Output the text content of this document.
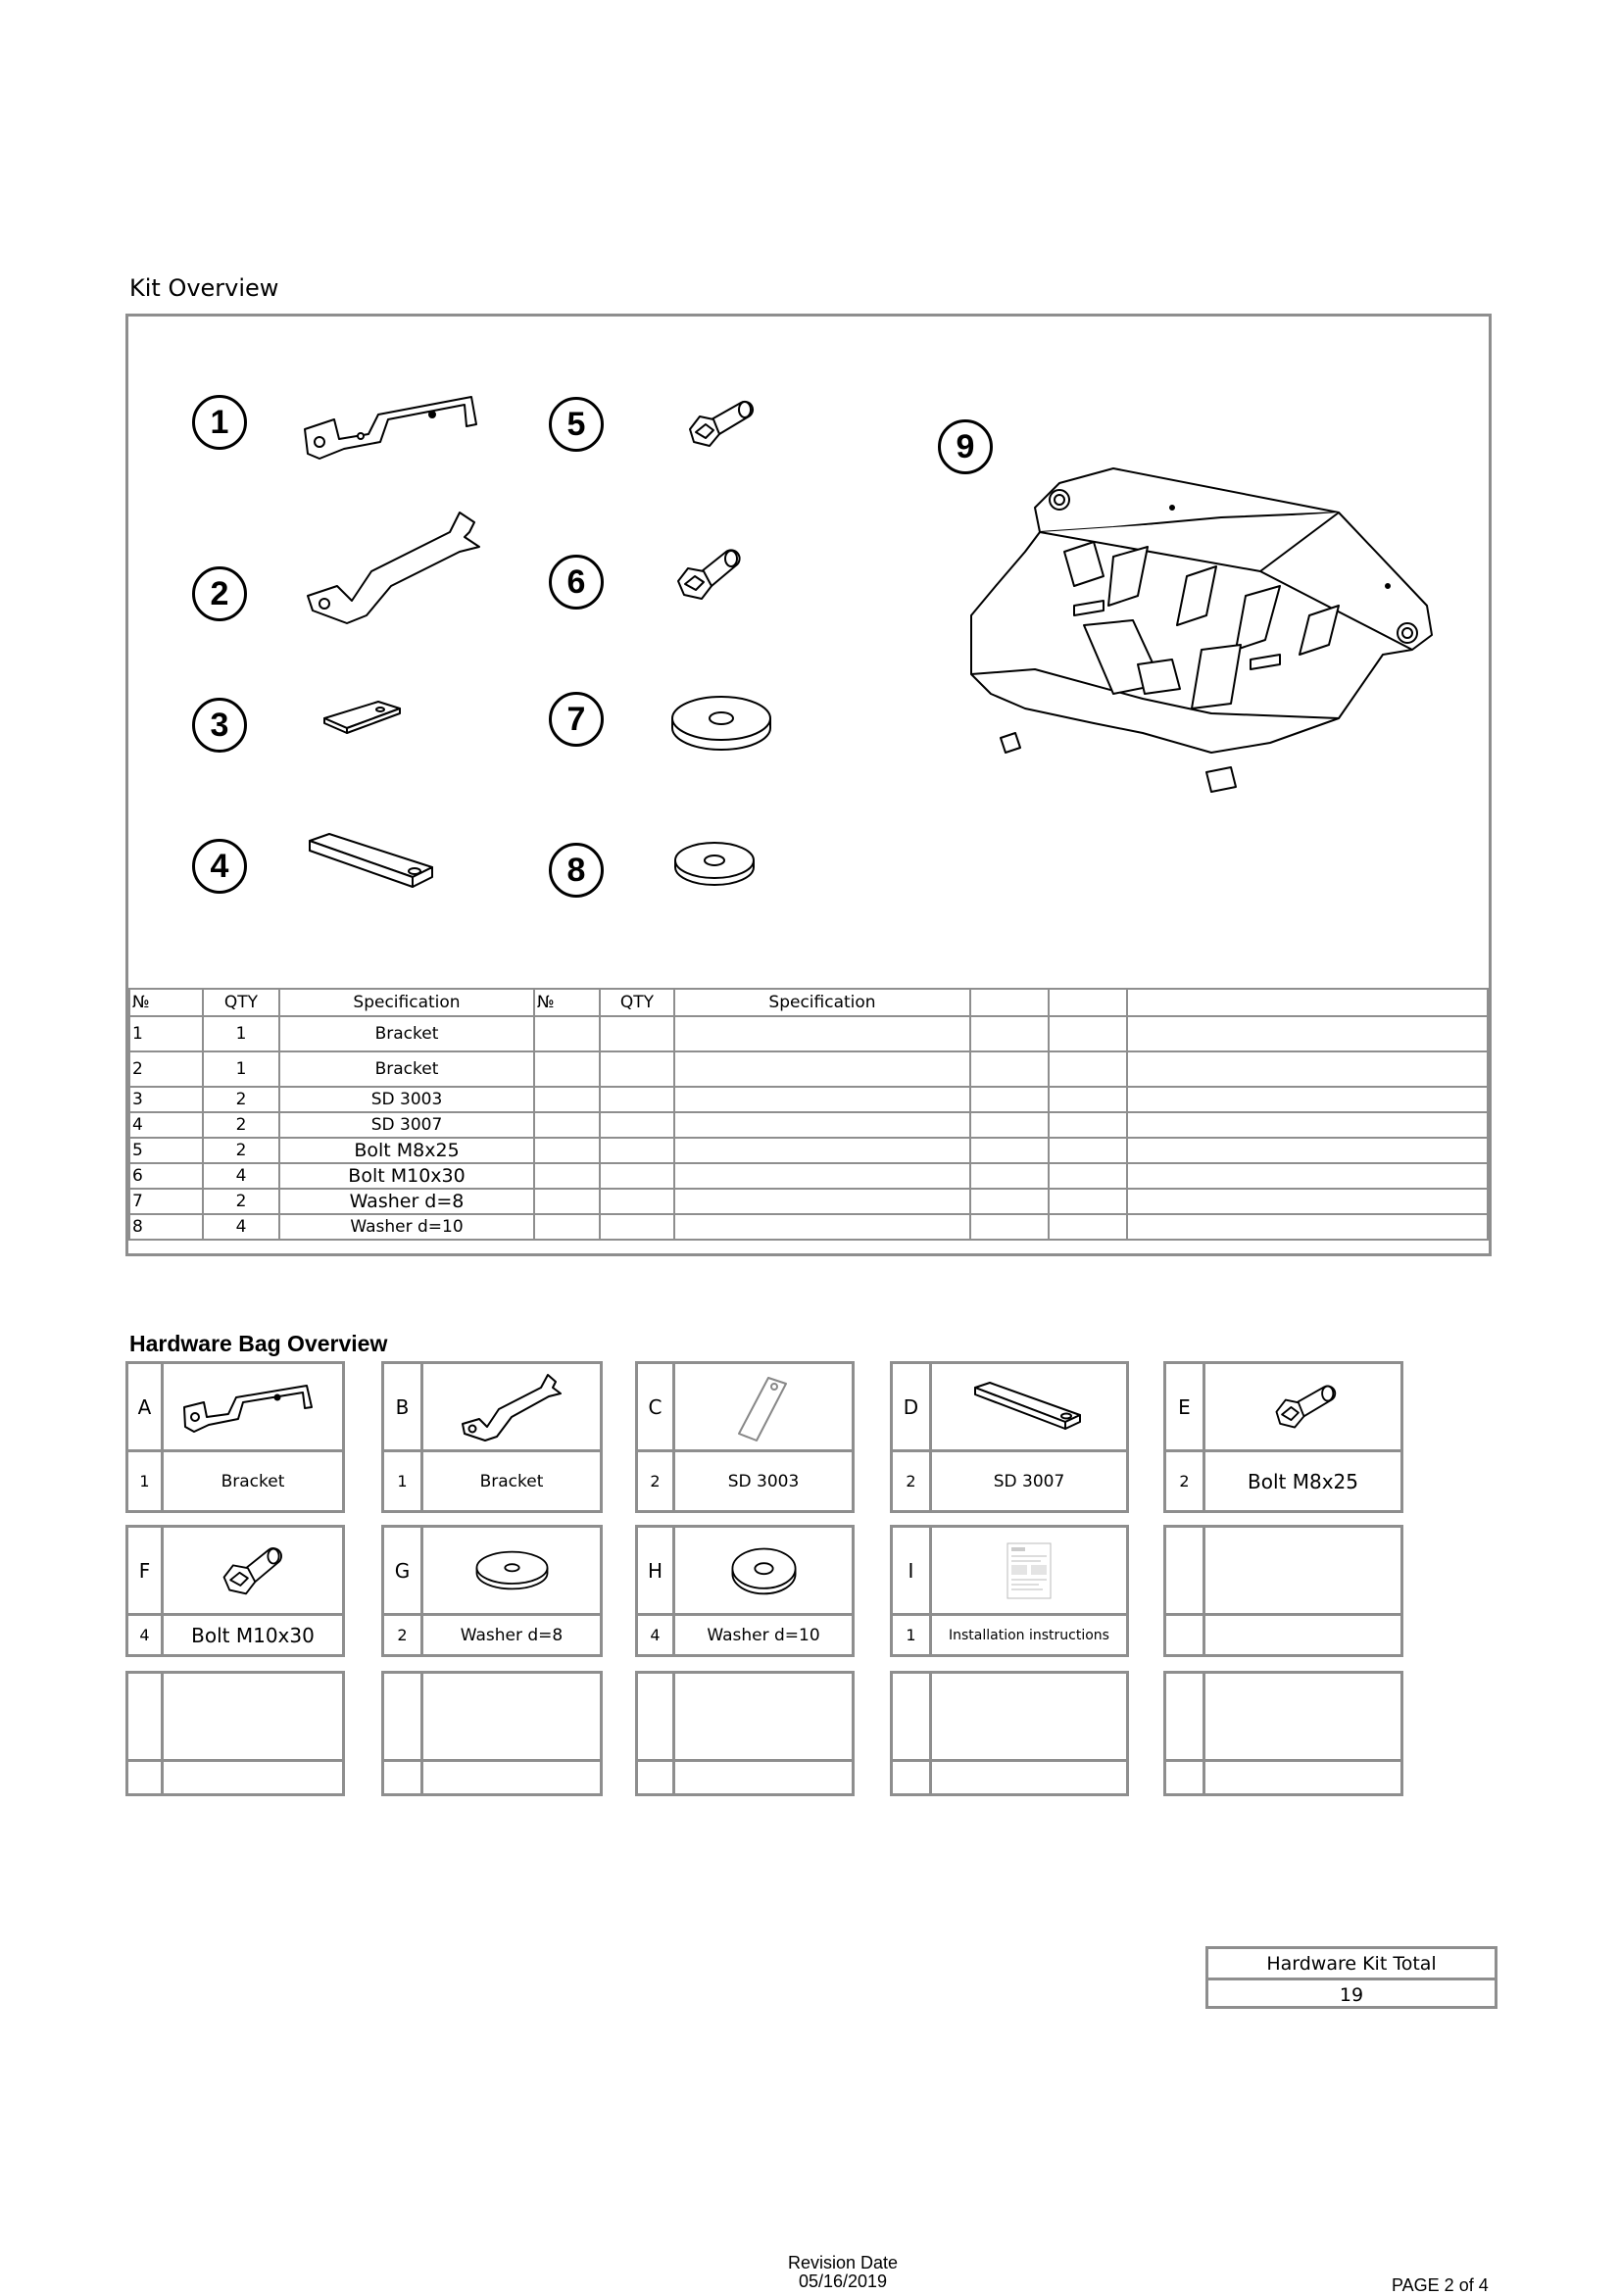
Kit Overview
1
2
3
4
5
6
7
8
9
№	QTY	Specification	№	QTY	Specification			
1	1	Bracket						
2	1	Bracket						
3	2	SD 3003						
4	2	SD 3007						
5	2	Bolt M8x25						
6	4	Bolt M10x30						
7	2	Washer d=8						
8	4	Washer d=10						
Hardware Bag Overview
A
1	Bracket
B
1	Bracket
C
2	SD 3003
D
2	SD 3007
E
2	Bolt M8x25
F
4	Bolt M10x30
G
2	Washer d=8
H
4	Washer d=10
I
1	Installation instructions
Hardware Kit Total
19
Revision Date
05/16/2019	PAGE 2 of 4
